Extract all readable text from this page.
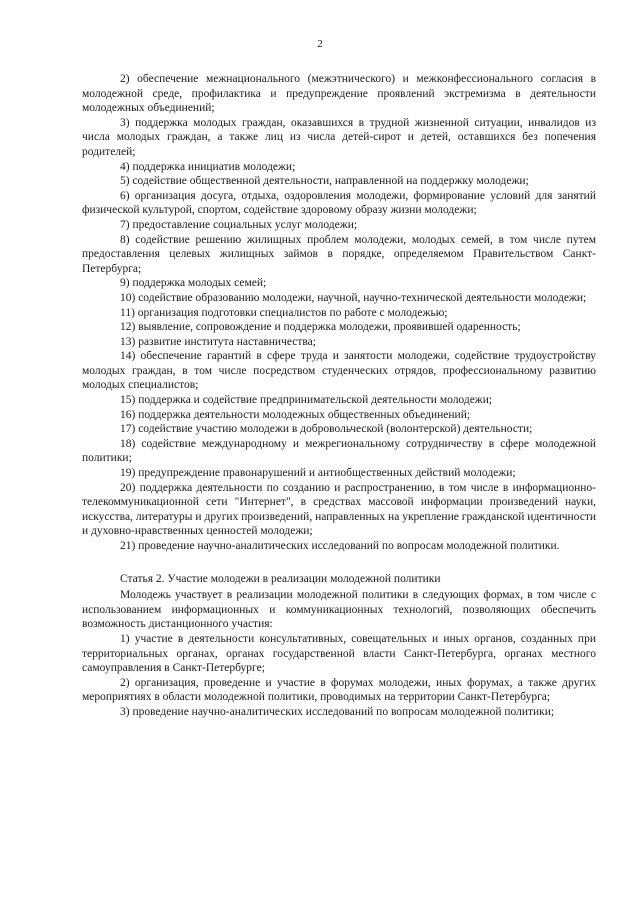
2

2) обеспечение межнационального (межэтнического) и межконфессионального согласия в молодежной среде, профилактика и предупреждение проявлений экстремизма в деятельности молодежных объединений;

3) поддержка молодых граждан, оказавшихся в трудной жизненной ситуации, инвалидов из числа молодых граждан, а также лиц из числа детей-сирот и детей, оставшихся без попечения родителей;

4) поддержка инициатив молодежи;

5) содействие общественной деятельности, направленной на поддержку молодежи;

6) организация досуга, отдыха, оздоровления молодежи, формирование условий для занятий физической культурой, спортом, содействие здоровому образу жизни молодежи;

7) предоставление социальных услуг молодежи;

8) содействие решению жилищных проблем молодежи, молодых семей, в том числе путем предоставления целевых жилищных займов в порядке, определяемом Правительством Санкт-Петербурга;

9) поддержка молодых семей;

10) содействие образованию молодежи, научной, научно-технической деятельности молодежи;

11) организация подготовки специалистов по работе с молодежью;

12) выявление, сопровождение и поддержка молодежи, проявившей одаренность;

13) развитие института наставничества;

14) обеспечение гарантий в сфере труда и занятости молодежи, содействие трудоустройству молодых граждан, в том числе посредством студенческих отрядов, профессиональному развитию молодых специалистов;

15) поддержка и содействие предпринимательской деятельности молодежи;

16) поддержка деятельности молодежных общественных объединений;

17) содействие участию молодежи в добровольческой (волонтерской) деятельности;

18) содействие международному и межрегиональному сотрудничеству в сфере молодежной политики;

19) предупреждение правонарушений и антиобщественных действий молодежи;

20) поддержка деятельности по созданию и распространению, в том числе в информационно-телекоммуникационной сети "Интернет", в средствах массовой информации произведений науки, искусства, литературы и других произведений, направленных на укрепление гражданской идентичности и духовно-нравственных ценностей молодежи;

21) проведение научно-аналитических исследований по вопросам молодежной политики.

Статья 2. Участие молодежи в реализации молодежной политики

Молодежь участвует в реализации молодежной политики в следующих формах, в том числе с использованием информационных и коммуникационных технологий, позволяющих обеспечить возможность дистанционного участия:

1) участие в деятельности консультативных, совещательных и иных органов, созданных при территориальных органах, органах государственной власти Санкт-Петербурга, органах местного самоуправления в Санкт-Петербурге;

2) организация, проведение и участие в форумах молодежи, иных форумах, а также других мероприятиях в области молодежной политики, проводимых на территории Санкт-Петербурга;

3) проведение научно-аналитических исследований по вопросам молодежной политики;
